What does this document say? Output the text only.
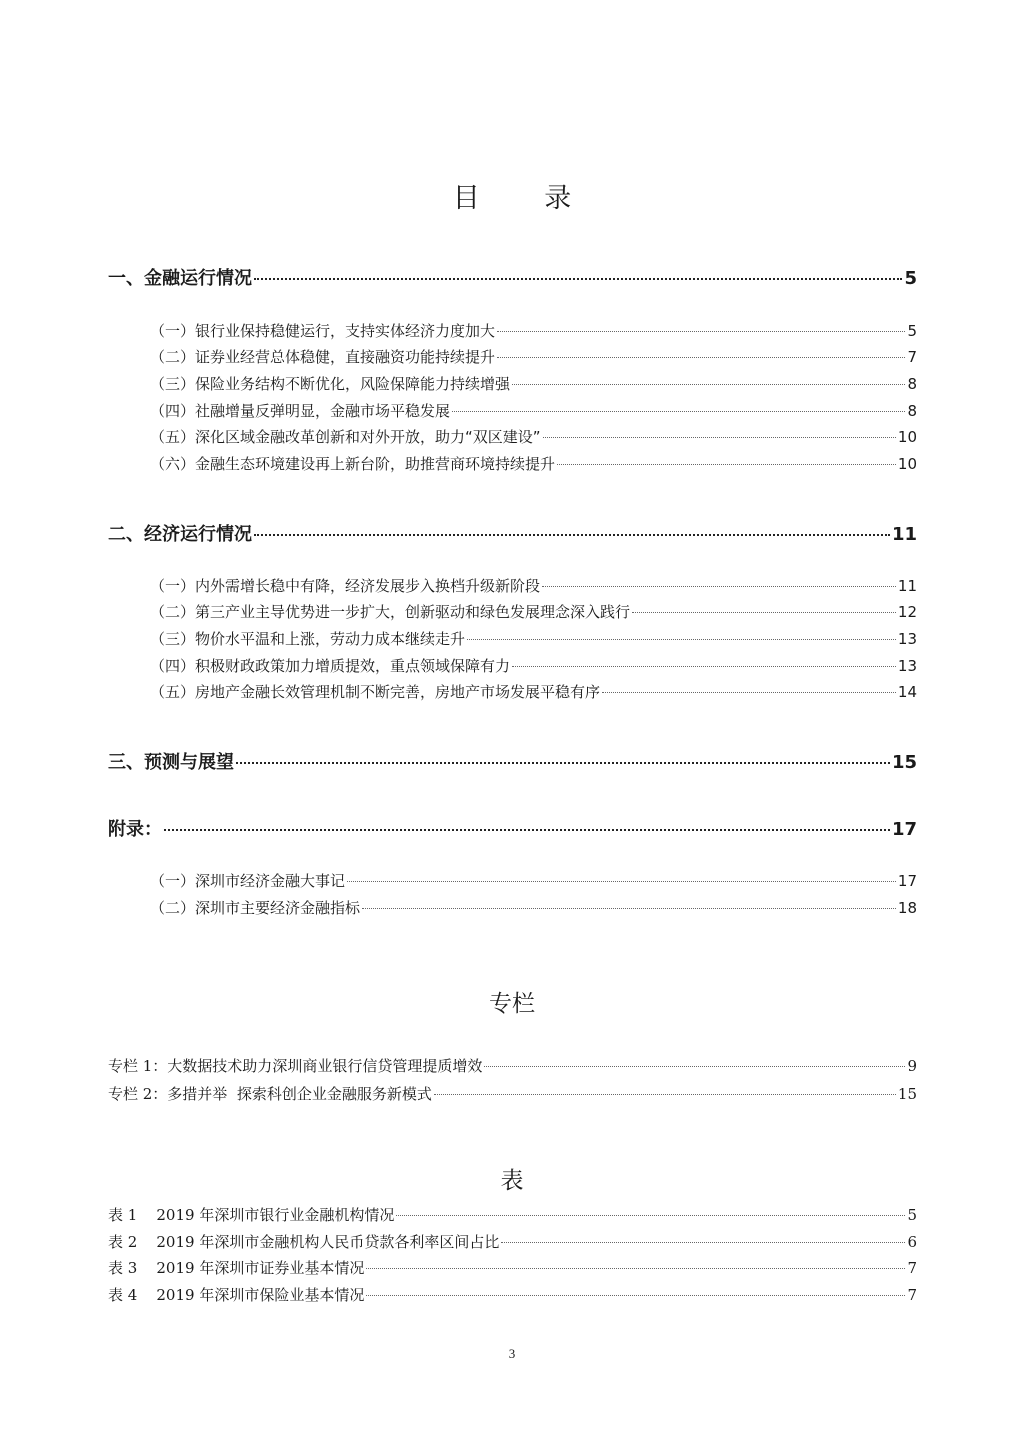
目 录
一、金融运行情况	5
（一）银行业保持稳健运行，支持实体经济力度加大	5
（二）证券业经营总体稳健，直接融资功能持续提升	7
（三）保险业务结构不断优化，风险保障能力持续增强	8
（四）社融增量反弹明显，金融市场平稳发展	8
（五）深化区域金融改革创新和对外开放，助力“双区建设”	10
（六）金融生态环境建设再上新台阶，助推营商环境持续提升	10
二、经济运行情况	11
（一）内外需增长稳中有降，经济发展步入换档升级新阶段	11
（二）第三产业主导优势进一步扩大，创新驱动和绿色发展理念深入践行	12
（三）物价水平温和上涨，劳动力成本继续走升	13
（四）积极财政政策加力增质提效，重点领域保障有力	13
（五）房地产金融长效管理机制不断完善，房地产市场发展平稳有序	14
三、预测与展望	15
附录：	17
（一）深圳市经济金融大事记	17
（二）深圳市主要经济金融指标	18
专栏
专栏 1：大数据技术助力深圳商业银行信贷管理提质增效	9
专栏 2：多措并举  探索科创企业金融服务新模式	15
表
表 1    2019 年深圳市银行业金融机构情况	5
表 2    2019 年深圳市金融机构人民币贷款各利率区间占比	6
表 3    2019 年深圳市证券业基本情况	7
表 4    2019 年深圳市保险业基本情况	7
3
